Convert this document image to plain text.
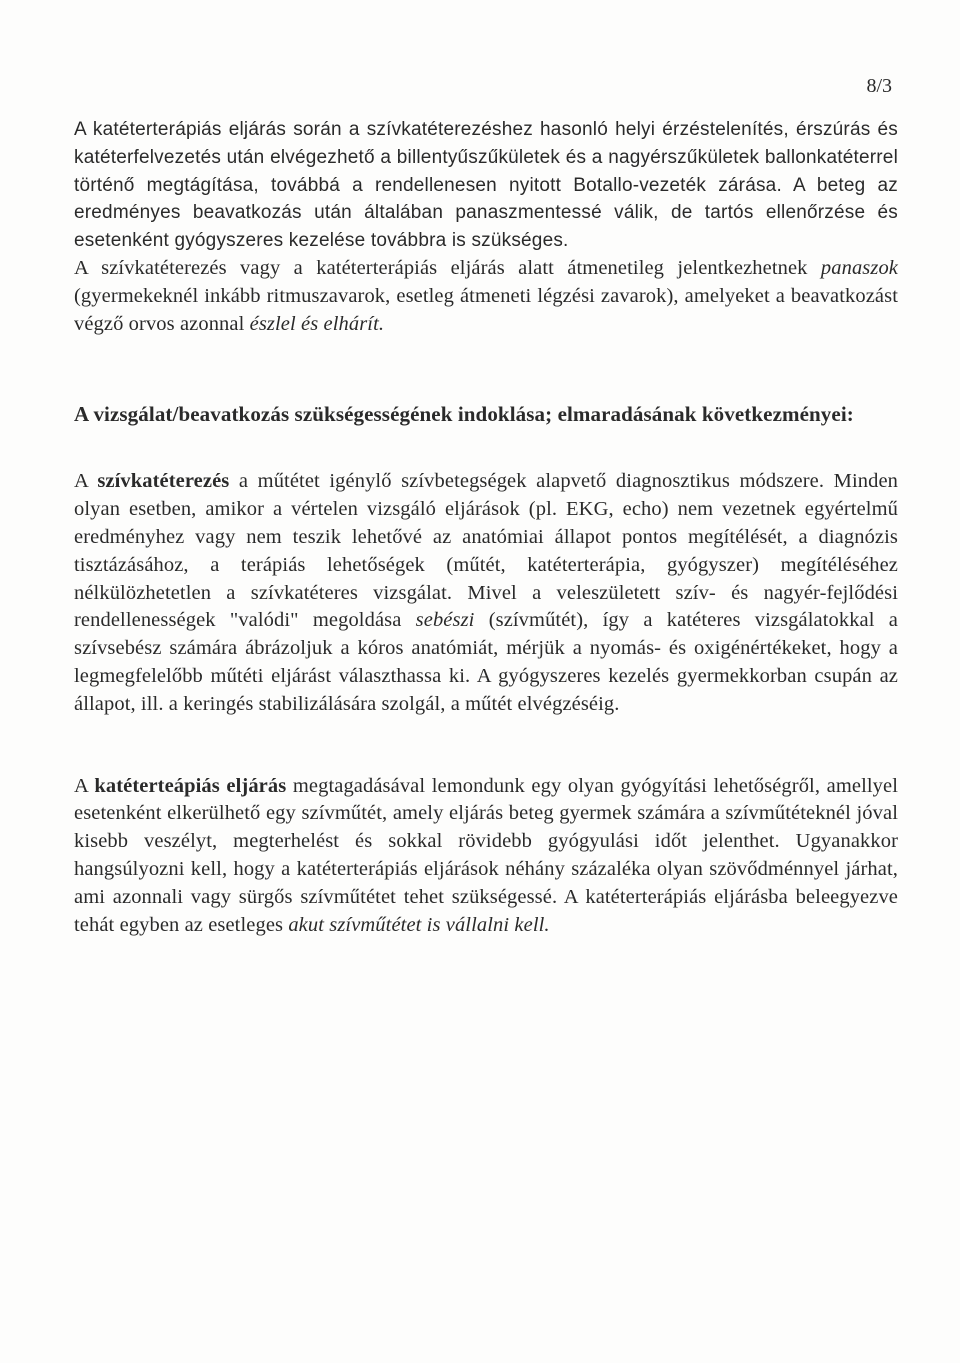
8/3

A katéterterápiás eljárás során a szívkatéterezéshez hasonló helyi érzéstelenítés, érszúrás és katéterfelvezetés után elvégezhető a billentyűszűkületek és a nagyérszűkületek ballonkatéterrel történő megtágítása, továbbá a rendellenesen nyitott Botallo-vezeték zárása. A beteg az eredményes beavatkozás után általában panaszmentessé válik, de tartós ellenőrzése és esetenként gyógyszeres kezelése továbbra is szükséges.

A szívkatéterezés vagy a katéterterápiás eljárás alatt átmenetileg jelentkezhetnek panaszok (gyermekeknél inkább ritmuszavarok, esetleg átmeneti légzési zavarok), amelyeket a beavatkozást végző orvos azonnal észlel és elhárít.

A vizsgálat/beavatkozás szükségességének indoklása; elmaradásának következményei:

A szívkatéterezés a műtétet igénylő szívbetegségek alapvető diagnosztikus módszere. Minden olyan esetben, amikor a vértelen vizsgáló eljárások (pl. EKG, echo) nem vezetnek egyértelmű eredményhez vagy nem teszik lehetővé az anatómiai állapot pontos megítélését, a diagnózis tisztázásához, a terápiás lehetőségek (műtét, katéterterápia, gyógyszer) megítéléséhez nélkülözhetetlen a szívkatéteres vizsgálat. Mivel a veleszületett szív- és nagyér-fejlődési rendellenességek "valódi" megoldása sebészi (szívműtét), így a katéteres vizsgálatokkal a szívsebész számára ábrázoljuk a kóros anatómiát, mérjük a nyomás- és oxigénértékeket, hogy a legmegfelelőbb műtéti eljárást választhassa ki. A gyógyszeres kezelés gyermekkorban csupán az állapot, ill. a keringés stabilizálására szolgál, a műtét elvégzéséig.

A katéterteápiás eljárás megtagadásával lemondunk egy olyan gyógyítási lehetőségről, amellyel esetenként elkerülhető egy szívműtét, amely eljárás beteg gyermek számára a szívműtéteknél jóval kisebb veszélyt, megterhelést és sokkal rövidebb gyógyulási időt jelenthet. Ugyanakkor hangsúlyozni kell, hogy a katéterterápiás eljárások néhány százaléka olyan szövődménnyel járhat, ami azonnali vagy sürgős szívműtétet tehet szükségessé. A katéterterápiás eljárásba beleegyezve tehát egyben az esetleges akut szívműtétet is vállalni kell.
